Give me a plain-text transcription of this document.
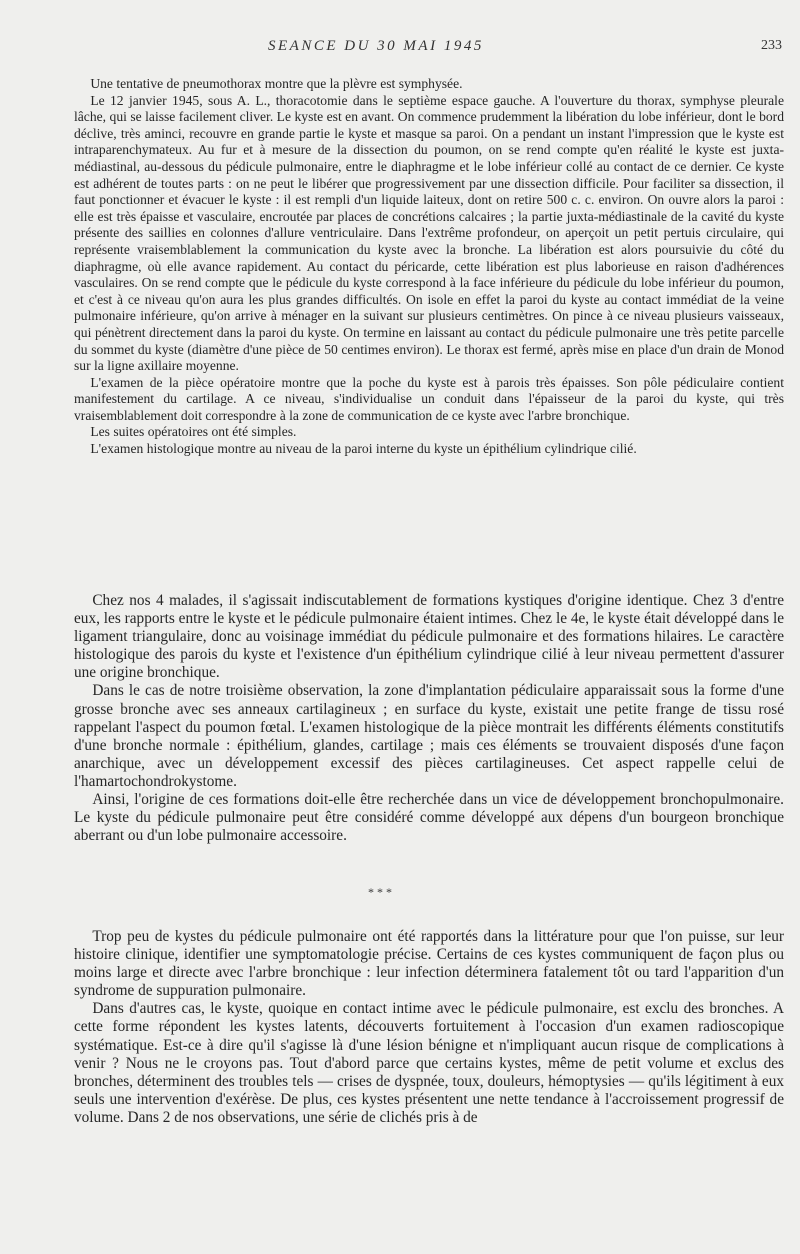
SEANCE DU 30 MAI 1945	233

Une tentative de pneumothorax montre que la plèvre est symphysée.

Le 12 janvier 1945, sous A. L., thoracotomie dans le septième espace gauche. A l'ouverture du thorax, symphyse pleurale lâche, qui se laisse facilement cliver. Le kyste est en avant. On commence prudemment la libération du lobe inférieur, dont le bord déclive, très aminci, recouvre en grande partie le kyste et masque sa paroi. On a pendant un instant l'impression que le kyste est intraparenchymateux. Au fur et à mesure de la dissection du poumon, on se rend compte qu'en réalité le kyste est juxta-médiastinal, au-dessous du pédicule pulmonaire, entre le diaphragme et le lobe inférieur collé au contact de ce dernier. Ce kyste est adhérent de toutes parts : on ne peut le libérer que progressivement par une dissection difficile. Pour faciliter sa dissection, il faut ponctionner et évacuer le kyste : il est rempli d'un liquide laiteux, dont on retire 500 c. c. environ. On ouvre alors la paroi : elle est très épaisse et vasculaire, encroutée par places de concrétions calcaires ; la partie juxta-médiastinale de la cavité du kyste présente des saillies en colonnes d'allure ventriculaire. Dans l'extrême profondeur, on aperçoit un petit pertuis circulaire, qui représente vraisemblablement la communication du kyste avec la bronche. La libération est alors poursuivie du côté du diaphragme, où elle avance rapidement. Au contact du péricarde, cette libération est plus laborieuse en raison d'adhérences vasculaires. On se rend compte que le pédicule du kyste correspond à la face inférieure du pédicule du lobe inférieur du poumon, et c'est à ce niveau qu'on aura les plus grandes difficultés. On isole en effet la paroi du kyste au contact immédiat de la veine pulmonaire inférieure, qu'on arrive à ménager en la suivant sur plusieurs centimètres. On pince à ce niveau plusieurs vaisseaux, qui pénètrent directement dans la paroi du kyste. On termine en laissant au contact du pédicule pulmonaire une très petite parcelle du sommet du kyste (diamètre d'une pièce de 50 centimes environ). Le thorax est fermé, après mise en place d'un drain de Monod sur la ligne axillaire moyenne.

L'examen de la pièce opératoire montre que la poche du kyste est à parois très épaisses. Son pôle pédiculaire contient manifestement du cartilage. A ce niveau, s'individualise un conduit dans l'épaisseur de la paroi du kyste, qui très vraisemblablement doit correspondre à la zone de communication de ce kyste avec l'arbre bronchique.

Les suites opératoires ont été simples.

L'examen histologique montre au niveau de la paroi interne du kyste un épithélium cylindrique cilié.

Chez nos 4 malades, il s'agissait indiscutablement de formations kystiques d'origine identique. Chez 3 d'entre eux, les rapports entre le kyste et le pédicule pulmonaire étaient intimes. Chez le 4e, le kyste était développé dans le ligament triangulaire, donc au voisinage immédiat du pédicule pulmonaire et des formations hilaires. Le caractère histologique des parois du kyste et l'existence d'un épithélium cylindrique cilié à leur niveau permettent d'assurer une origine bronchique.

Dans le cas de notre troisième observation, la zone d'implantation pédiculaire apparaissait sous la forme d'une grosse bronche avec ses anneaux cartilagineux ; en surface du kyste, existait une petite frange de tissu rosé rappelant l'aspect du poumon fœtal. L'examen histologique de la pièce montrait les différents éléments constitutifs d'une bronche normale : épithélium, glandes, cartilage ; mais ces éléments se trouvaient disposés d'une façon anarchique, avec un développement excessif des pièces cartilagineuses. Cet aspect rappelle celui de l'hamartochondrokystome.

Ainsi, l'origine de ces formations doit-elle être recherchée dans un vice de développement bronchopulmonaire. Le kyste du pédicule pulmonaire peut être considéré comme développé aux dépens d'un bourgeon bronchique aberrant ou d'un lobe pulmonaire accessoire.

* * *

Trop peu de kystes du pédicule pulmonaire ont été rapportés dans la littérature pour que l'on puisse, sur leur histoire clinique, identifier une symptomatologie précise. Certains de ces kystes communiquent de façon plus ou moins large et directe avec l'arbre bronchique : leur infection déterminera fatalement tôt ou tard l'apparition d'un syndrome de suppuration pulmonaire.

Dans d'autres cas, le kyste, quoique en contact intime avec le pédicule pulmonaire, est exclu des bronches. A cette forme répondent les kystes latents, découverts fortuitement à l'occasion d'un examen radioscopique systématique. Est-ce à dire qu'il s'agisse là d'une lésion bénigne et n'impliquant aucun risque de complications à venir ? Nous ne le croyons pas. Tout d'abord parce que certains kystes, même de petit volume et exclus des bronches, déterminent des troubles tels — crises de dyspnée, toux, douleurs, hémoptysies — qu'ils légitiment à eux seuls une intervention d'exérèse. De plus, ces kystes présentent une nette tendance à l'accroissement progressif de volume. Dans 2 de nos observations, une série de clichés pris à de
